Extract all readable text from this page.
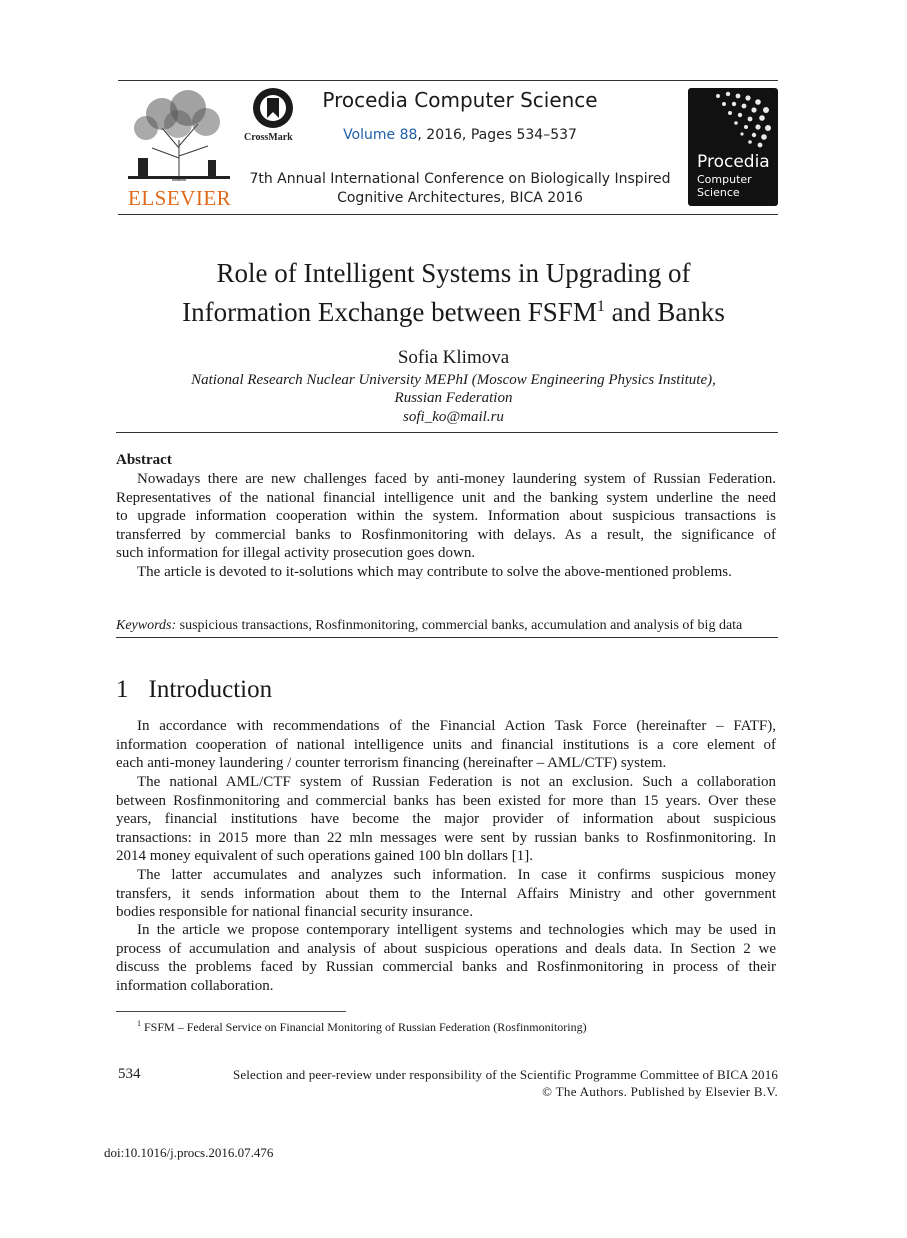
ELSEVIER
CrossMark
Procedia Computer Science
Volume 88, 2016, Pages 534–537
7th Annual International Conference on Biologically Inspired
Cognitive Architectures, BICA 2016
Procedia
Computer
Science
Role of Intelligent Systems in Upgrading of
Information Exchange between FSFM$^1$ and Banks
Sofia Klimova
National Research Nuclear University MEPhI (Moscow Engineering Physics Institute),
Russian Federation
sofi_ko@mail.ru
Abstract
Nowadays there are new challenges faced by anti-money laundering system of Russian Federation.
Representatives of the national financial intelligence unit and the banking system underline the need
to upgrade information cooperation within the system. Information about suspicious transactions is
transferred by commercial banks to Rosfinmonitoring with delays. As a result, the significance of
such information for illegal activity prosecution goes down.
The article is devoted to it-solutions which may contribute to solve the above-mentioned problems.
Keywords: suspicious transactions, Rosfinmonitoring, commercial banks, accumulation and analysis of big data
1 Introduction
In accordance with recommendations of the Financial Action Task Force (hereinafter – FATF),
information cooperation of national intelligence units and financial institutions is a core element of
each anti-money laundering / counter terrorism financing (hereinafter – AML/CTF) system.
The national AML/CTF system of Russian Federation is not an exclusion. Such a collaboration
between Rosfinmonitoring and commercial banks has been existed for more than 15 years. Over these
years, financial institutions have become the major provider of information about suspicious
transactions: in 2015 more than 22 mln messages were sent by russian banks to Rosfinmonitoring. In
2014 money equivalent of such operations gained 100 bln dollars [1].
The latter accumulates and analyzes such information. In case it confirms suspicious money
transfers, it sends information about them to the Internal Affairs Ministry and other government
bodies responsible for national financial security insurance.
In the article we propose contemporary intelligent systems and technologies which may be used in
process of accumulation and analysis of about suspicious operations and deals data. In Section 2 we
discuss the problems faced by Russian commercial banks and Rosfinmonitoring in process of their
information collaboration.
$^1$ FSFM – Federal Service on Financial Monitoring of Russian Federation (Rosfinmonitoring)
534	Selection and peer-review under responsibility of the Scientific Programme Committee of BICA 2016
© The Authors. Published by Elsevier B.V.
doi:10.1016/j.procs.2016.07.476
